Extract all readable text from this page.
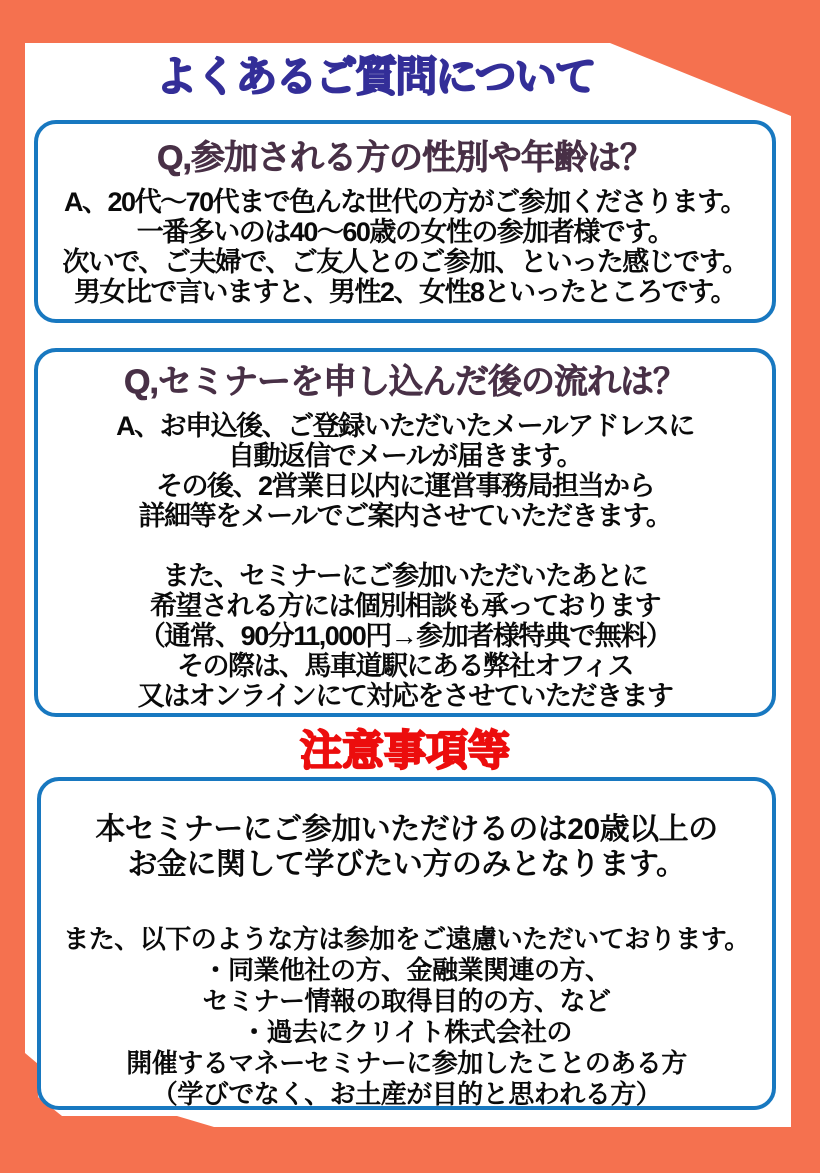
よくあるご質問について
Q,参加される方の性別や年齢は？
A、20代～70代まで色んな世代の方がご参加くださります。
一番多いのは40～60歳の女性の参加者様です。
次いで、ご夫婦で、ご友人とのご参加、といった感じです。
男女比で言いますと、男性2、女性8といったところです。
Q,セミナーを申し込んだ後の流れは？
A、お申込後、ご登録いただいたメールアドレスに
自動返信でメールが届きます。
その後、2営業日以内に運営事務局担当から
詳細等をメールでご案内させていただきます。
また、セミナーにご参加いただいたあとに
希望される方には個別相談も承っております
（通常、90分11,000円→参加者様特典で無料）
その際は、馬車道駅にある弊社オフィス
又はオンラインにて対応をさせていただきます
注意事項等
本セミナーにご参加いただけるのは20歳以上の
お金に関して学びたい方のみとなります。
また、以下のような方は参加をご遠慮いただいております。
・同業他社の方、金融業関連の方、
セミナー情報の取得目的の方、など
・過去にクリイト株式会社の
開催するマネーセミナーに参加したことのある方
（学びでなく、お土産が目的と思われる方）
